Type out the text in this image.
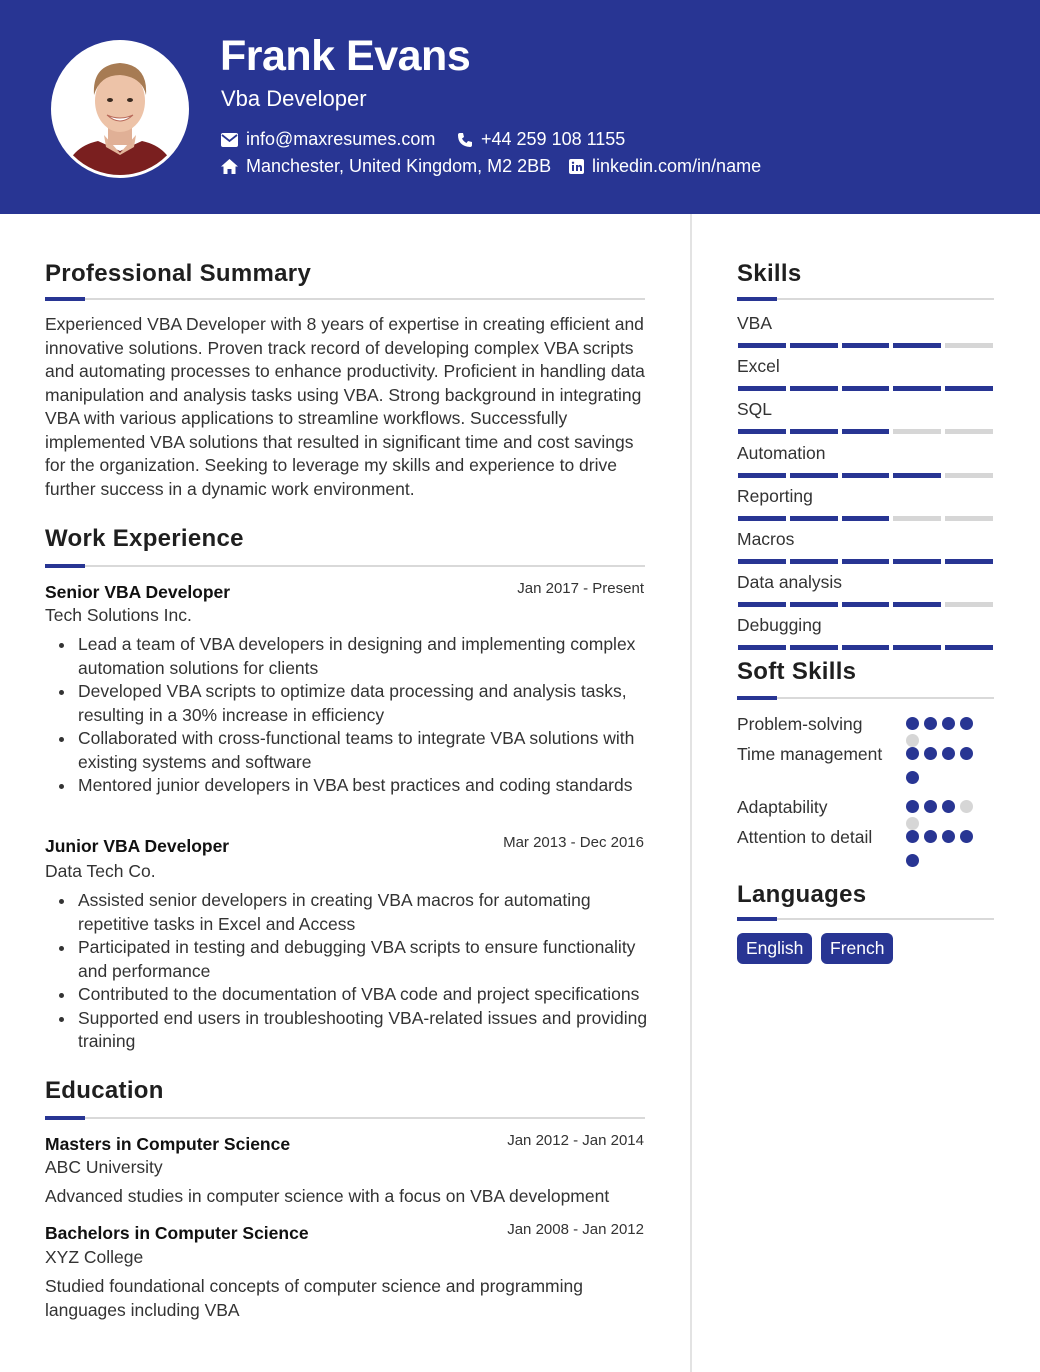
Frank Evans
Vba Developer
info@maxresumes.com	+44 259 108 1155
Manchester, United Kingdom, M2 2BB linkedin.com/in/name
Professional Summary
Experienced VBA Developer with 8 years of expertise in creating efficient and innovative solutions. Proven track record of developing complex VBA scripts and automating processes to enhance productivity. Proficient in handling data manipulation and analysis tasks using VBA. Strong background in integrating VBA with various applications to streamline workflows. Successfully implemented VBA solutions that resulted in significant time and cost savings for the organization. Seeking to leverage my skills and experience to drive further success in a dynamic work environment.
Work Experience
Senior VBA Developer	Jan 2017 - Present
Tech Solutions Inc.
Lead a team of VBA developers in designing and implementing complex automation solutions for clients
Developed VBA scripts to optimize data processing and analysis tasks, resulting in a 30% increase in efficiency
Collaborated with cross-functional teams to integrate VBA solutions with existing systems and software
Mentored junior developers in VBA best practices and coding standards
Junior VBA Developer	Mar 2013 - Dec 2016
Data Tech Co.
Assisted senior developers in creating VBA macros for automating repetitive tasks in Excel and Access
Participated in testing and debugging VBA scripts to ensure functionality and performance
Contributed to the documentation of VBA code and project specifications
Supported end users in troubleshooting VBA-related issues and providing training
Education
Masters in Computer Science	Jan 2012 - Jan 2014
ABC University
Advanced studies in computer science with a focus on VBA development
Bachelors in Computer Science	Jan 2008 - Jan 2012
XYZ College
Studied foundational concepts of computer science and programming languages including VBA
Skills
VBA
Excel
SQL
Automation
Reporting
Macros
Data analysis
Debugging
Soft Skills
Problem-solving
Time management
Adaptability
Attention to detail
Languages
English	French
